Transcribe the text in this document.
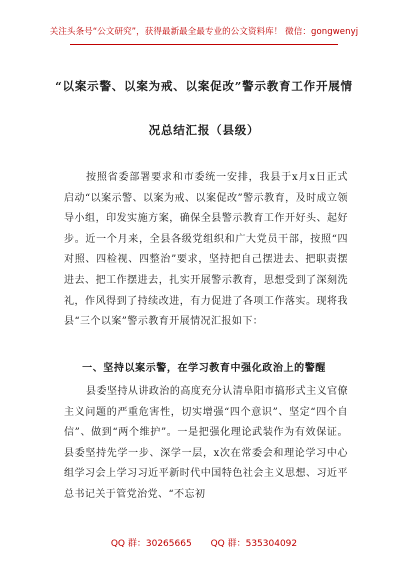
关注头条号“公文研究”，获得最新最全最专业的公文资料库！ 微信：gongwenyj
“以案示警、以案为戒、以案促改”警示教育工作开展情
况总结汇报（县级）

按照省委部署要求和市委统一安排，我县于x月x日正式启动“以案示警、以案为戒、以案促改”警示教育，及时成立领导小组，印发实施方案，确保全县警示教育工作开好头、起好步。近一个月来，全县各级党组织和广大党员干部，按照“四对照、四检视、四整治”要求，坚持把自己摆进去、把职责摆进去、把工作摆进去，扎实开展警示教育，思想受到了深刻洗礼，作风得到了持续改进，有力促进了各项工作落实。现将我县“三个以案”警示教育开展情况汇报如下：

一、坚持以案示警，在学习教育中强化政治上的警醒

县委坚持从讲政治的高度充分认清阜阳市搞形式主义官僚主义问题的严重危害性，切实增强“四个意识”、坚定“四个自信”、做到“两个维护”。一是把强化理论武装作为有效保证。县委坚持先学一步、深学一层，x次在常委会和理论学习中心组学习会上学习习近平新时代中国特色社会主义思想、习近平总书记关于管党治党、“不忘初

QQ 群：30265665 QQ 群：535304092
